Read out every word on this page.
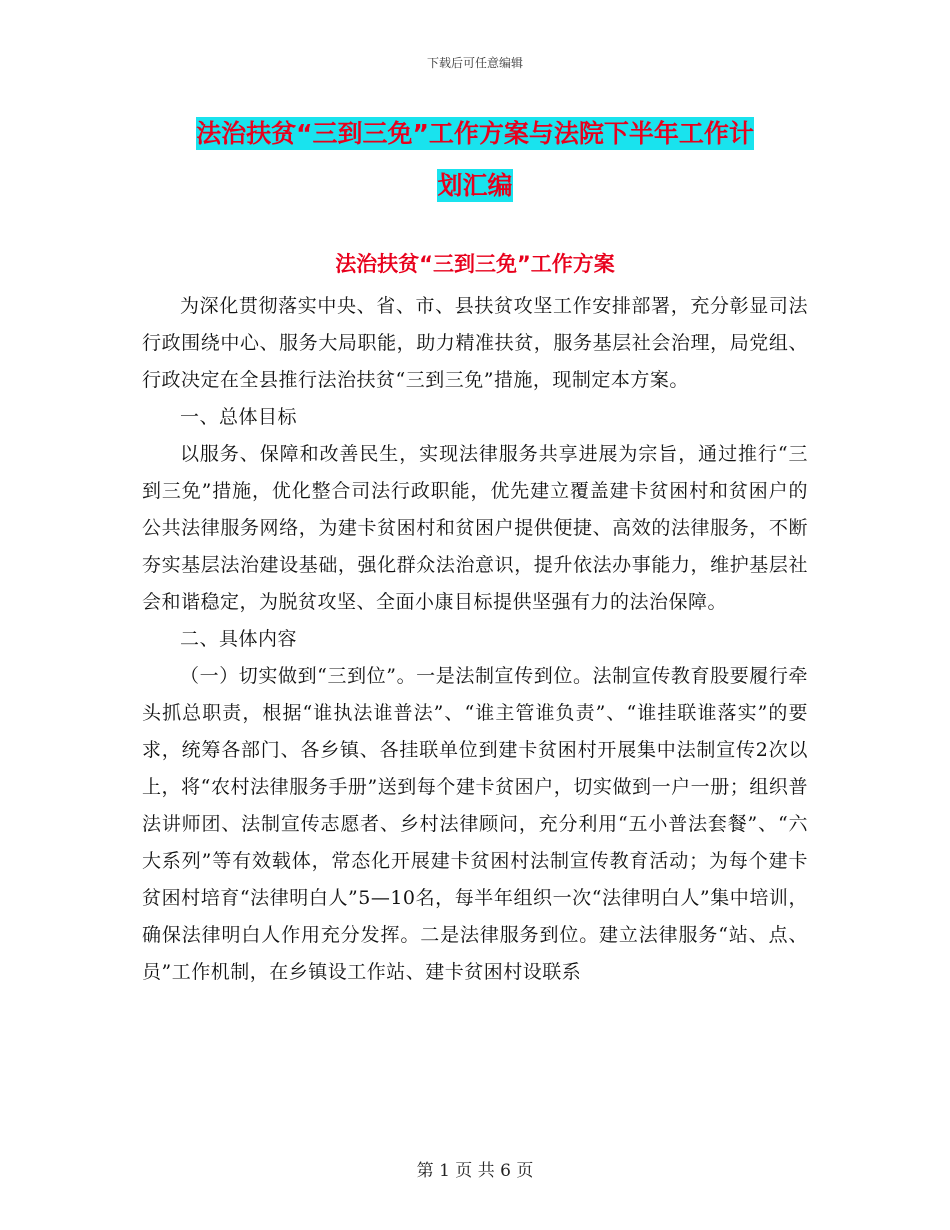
下载后可任意编辑
法治扶贫“三到三免”工作方案与法院下半年工作计
划汇编
法治扶贫“三到三免”工作方案

为深化贯彻落实中央、省、市、县扶贫攻坚工作安排部署，充分彰显司法行政围绕中心、服务大局职能，助力精准扶贫，服务基层社会治理，局党组、行政决定在全县推行法治扶贫“三到三免”措施，现制定本方案。

一、总体目标

以服务、保障和改善民生，实现法律服务共享进展为宗旨，通过推行“三到三免”措施，优化整合司法行政职能，优先建立覆盖建卡贫困村和贫困户的公共法律服务网络，为建卡贫困村和贫困户提供便捷、高效的法律服务，不断夯实基层法治建设基础，强化群众法治意识，提升依法办事能力，维护基层社会和谐稳定，为脱贫攻坚、全面小康目标提供坚强有力的法治保障。

二、具体内容

（一）切实做到“三到位”。一是法制宣传到位。法制宣传教育股要履行牵头抓总职责，根据“谁执法谁普法”、“谁主管谁负责”、“谁挂联谁落实”的要求，统筹各部门、各乡镇、各挂联单位到建卡贫困村开展集中法制宣传2次以上，将“农村法律服务手册”送到每个建卡贫困户，切实做到一户一册；组织普法讲师团、法制宣传志愿者、乡村法律顾问，充分利用“五小普法套餐”、“六大系列”等有效载体，常态化开展建卡贫困村法制宣传教育活动；为每个建卡贫困村培育“法律明白人”5—10名，每半年组织一次“法律明白人”集中培训，确保法律明白人作用充分发挥。二是法律服务到位。建立法律服务“站、点、员”工作机制，在乡镇设工作站、建卡贫困村设联系

第 1 页 共 6 页
